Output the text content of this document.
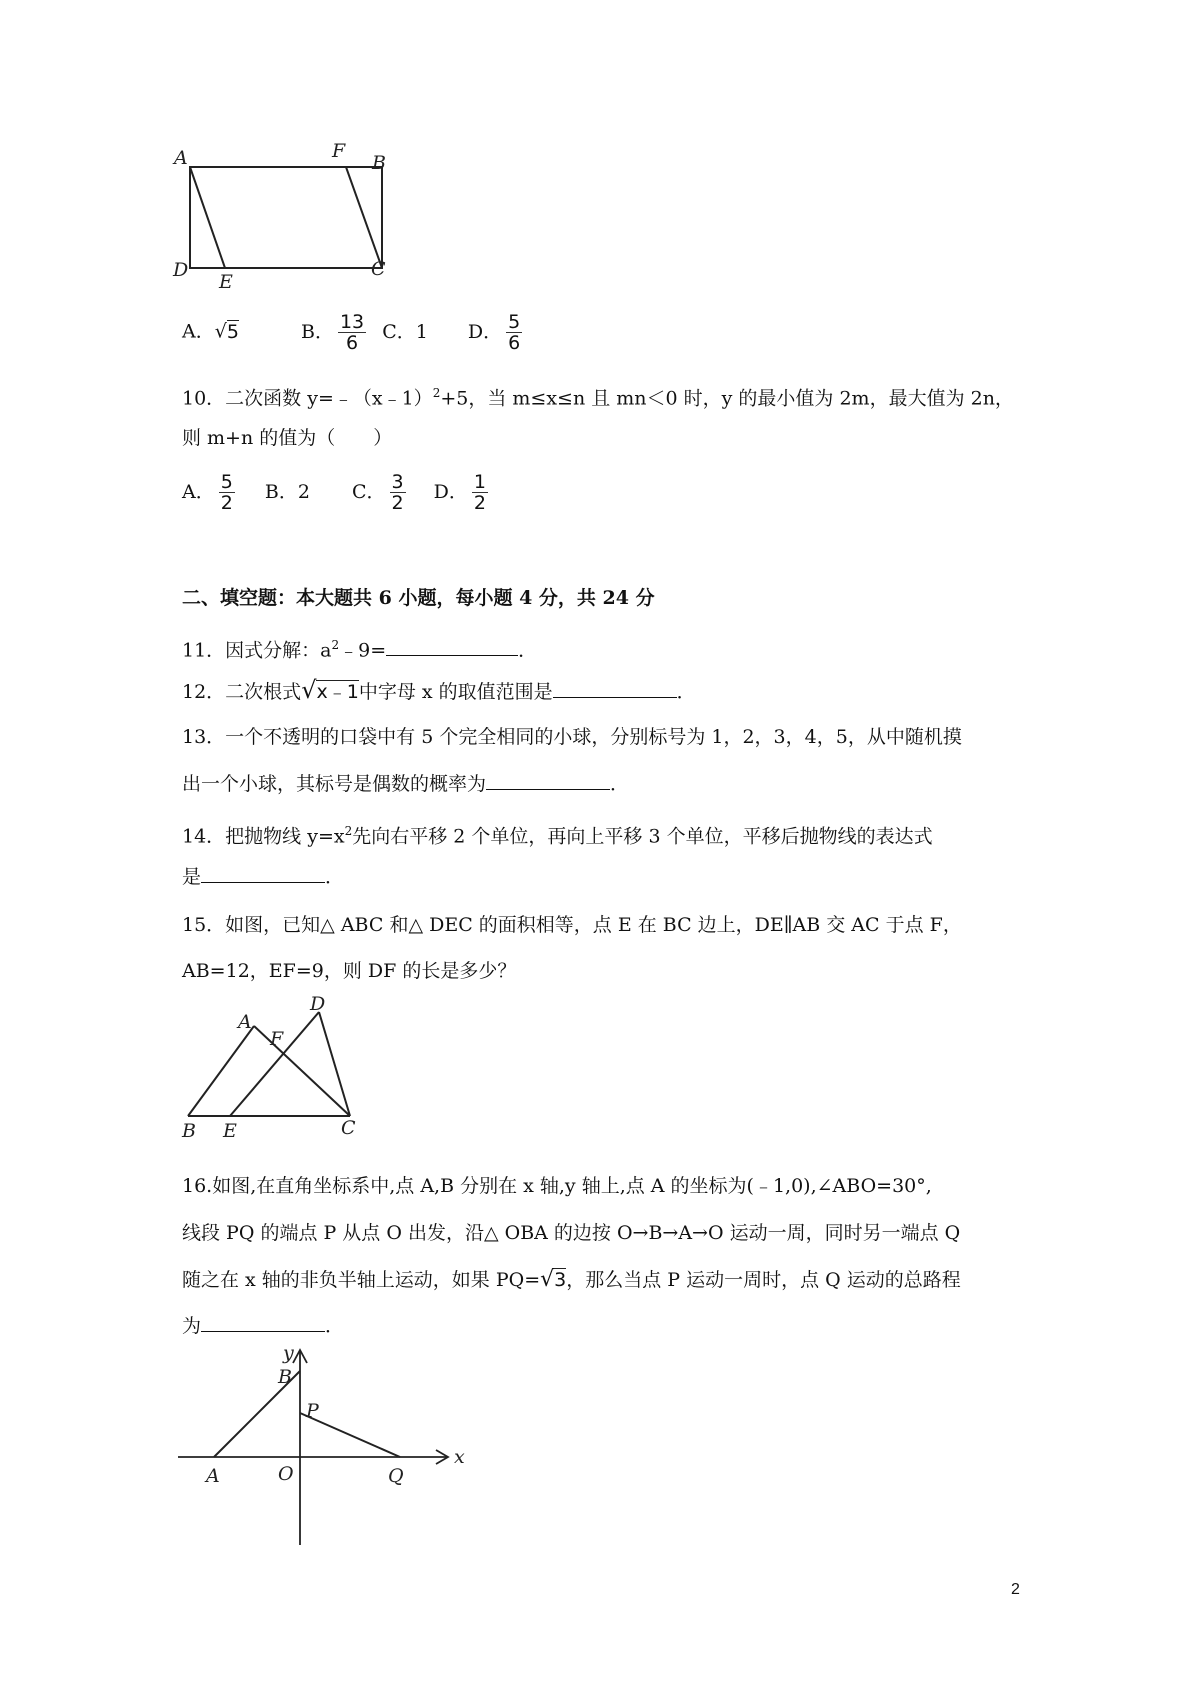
A	F
B
D
E
C
A．√5	B． $\frac{13}{6}$ C．1 D． $\frac{5}{6}$
10．二次函数 y=﹣（x﹣1）$^2$+5，当 m≤x≤n 且 mn＜0 时，y 的最小值为 2m，最大值为 2n，
则 m+n 的值为（　　）
A． $\frac{5}{2}$ B．2 C． $\frac{3}{2}$ D． $\frac{1}{2}$
二、填空题：本大题共 6 小题，每小题 4 分，共 24 分
11．因式分解：$a^2﹣9=$	．
12．二次根式√x﹣1中字母 x 的取值范围是	．
13．一个不透明的口袋中有 5 个完全相同的小球，分别标号为 1，2，3，4，5，从中随机摸
出一个小球，其标号是偶数的概率为	．
14．把抛物线 $y=x^2$先向右平移 2 个单位，再向上平移 3 个单位，平移后抛物线的表达式
是	．
15．如图，已知△ ABC 和△ DEC 的面积相等，点 E 在 BC 边上，DE∥AB 交 AC 于点 F，
AB=12，EF=9，则 DF 的长是多少？
D
A
F
B E	C
16.如图,在直角坐标系中,点 A,B 分别在 x 轴,y 轴上,点 A 的坐标为(﹣1,0),∠ABO=30°,
线段 PQ 的端点 P 从点 O 出发，沿△ OBA 的边按 O→B→A→O 运动一周，同时另一端点 Q
随之在 x 轴的非负半轴上运动，如果 PQ=√3，那么当点 P 运动一周时，点 Q 运动的总路程
为	．
y
B
P
x
A	O	Q
2
